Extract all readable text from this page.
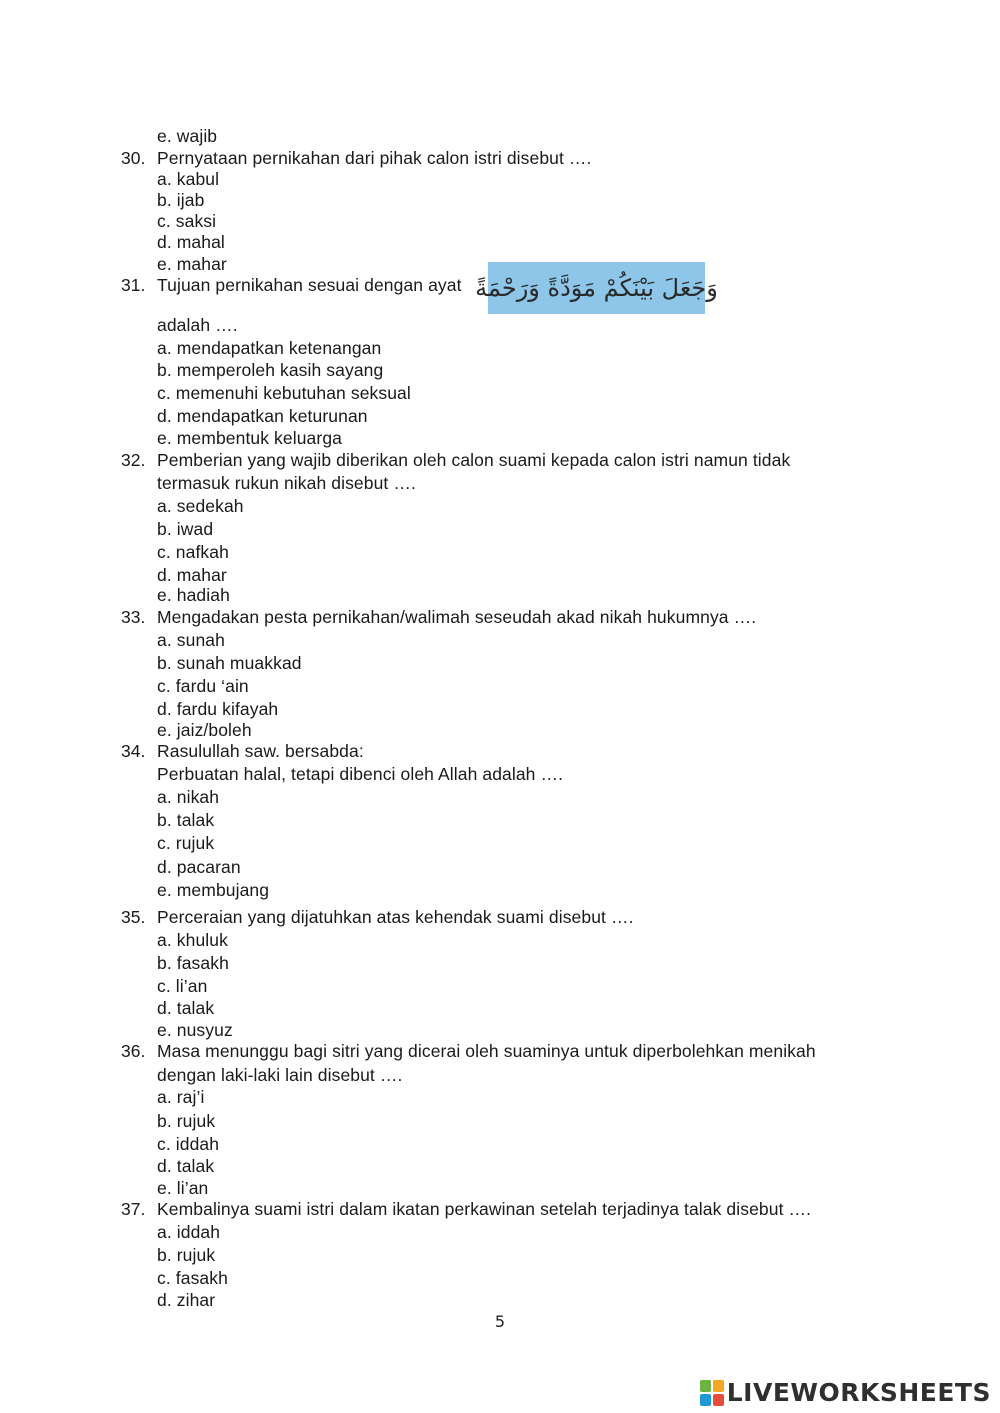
e. wajib
30. Pernyataan pernikahan dari pihak calon istri disebut ….
a. kabul
b. ijab
c. saksi
d. mahal
e. mahar
31. Tujuan pernikahan sesuai dengan ayat وَجَعَلَ بَيْنَكُمْ مَوَدَّةً وَرَحْمَةً
adalah ….
a. mendapatkan ketenangan
b. memperoleh kasih sayang
c. memenuhi kebutuhan seksual
d. mendapatkan keturunan
e. membentuk keluarga
32. Pemberian yang wajib diberikan oleh calon suami kepada calon istri namun tidak
termasuk rukun nikah disebut ….
a. sedekah
b. iwad
c. nafkah
d. mahar
e. hadiah
33. Mengadakan pesta pernikahan/walimah seseudah akad nikah hukumnya ….
a. sunah
b. sunah muakkad
c. fardu ‘ain
d. fardu kifayah
e. jaiz/boleh
34. Rasulullah saw. bersabda:
Perbuatan halal, tetapi dibenci oleh Allah adalah ….
a. nikah
b. talak
c. rujuk
d. pacaran
e. membujang
35. Perceraian yang dijatuhkan atas kehendak suami disebut ….
a. khuluk
b. fasakh
c. li’an
d. talak
e. nusyuz
36. Masa menunggu bagi sitri yang dicerai oleh suaminya untuk diperbolehkan menikah
dengan laki-laki lain disebut ….
a. raj’i
b. rujuk
c. iddah
d. talak
e. li’an
37. Kembalinya suami istri dalam ikatan perkawinan setelah terjadinya talak disebut ….
a. iddah
b. rujuk
c. fasakh
d. zihar
5
LIVEWORKSHEETS
